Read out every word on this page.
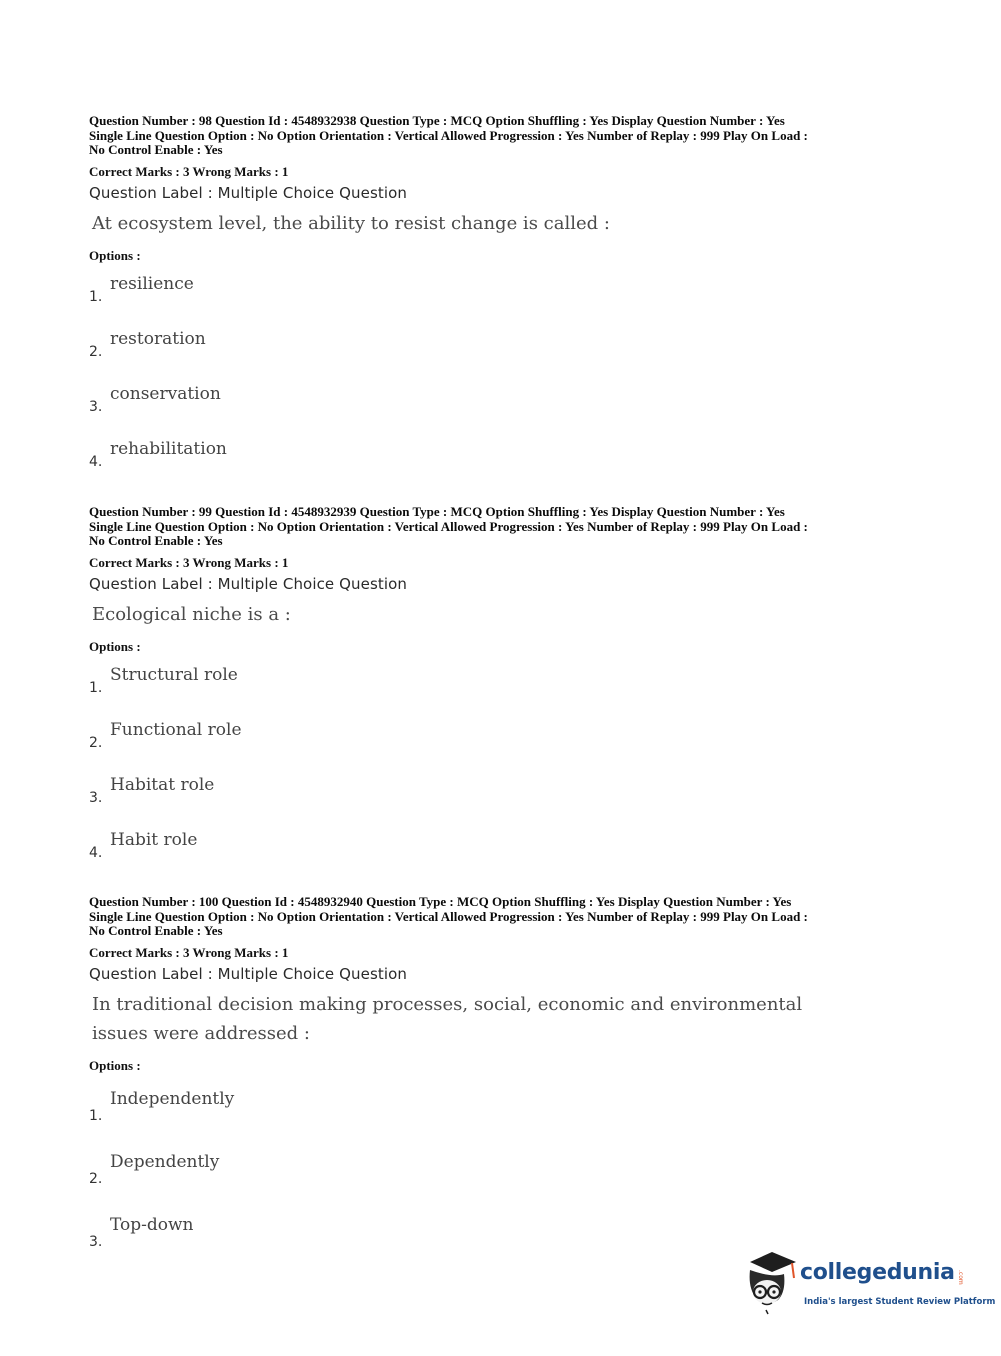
Question Number : 98 Question Id : 4548932938 Question Type : MCQ Option Shuffling : Yes Display Question Number : Yes
Single Line Question Option : No Option Orientation : Vertical Allowed Progression : Yes Number of Replay : 999 Play On Load :
No Control Enable : Yes
Correct Marks : 3 Wrong Marks : 1
Question Label : Multiple Choice Question
At ecosystem level, the ability to resist change is called :
Options :
1.
resilience
2.
restoration
3.
conservation
4.
rehabilitation
Question Number : 99 Question Id : 4548932939 Question Type : MCQ Option Shuffling : Yes Display Question Number : Yes
Single Line Question Option : No Option Orientation : Vertical Allowed Progression : Yes Number of Replay : 999 Play On Load :
No Control Enable : Yes
Correct Marks : 3 Wrong Marks : 1
Question Label : Multiple Choice Question
Ecological niche is a :
Options :
1.
Structural role
2.
Functional role
3.
Habitat role
4.
Habit role
Question Number : 100 Question Id : 4548932940 Question Type : MCQ Option Shuffling : Yes Display Question Number : Yes
Single Line Question Option : No Option Orientation : Vertical Allowed Progression : Yes Number of Replay : 999 Play On Load :
No Control Enable : Yes
Correct Marks : 3 Wrong Marks : 1
Question Label : Multiple Choice Question
In traditional decision making processes, social, economic and environmental
issues were addressed :
Options :
1.
Independently
2.
Dependently
3.
Top-down
collegedunia .com
India's largest Student Review Platform
